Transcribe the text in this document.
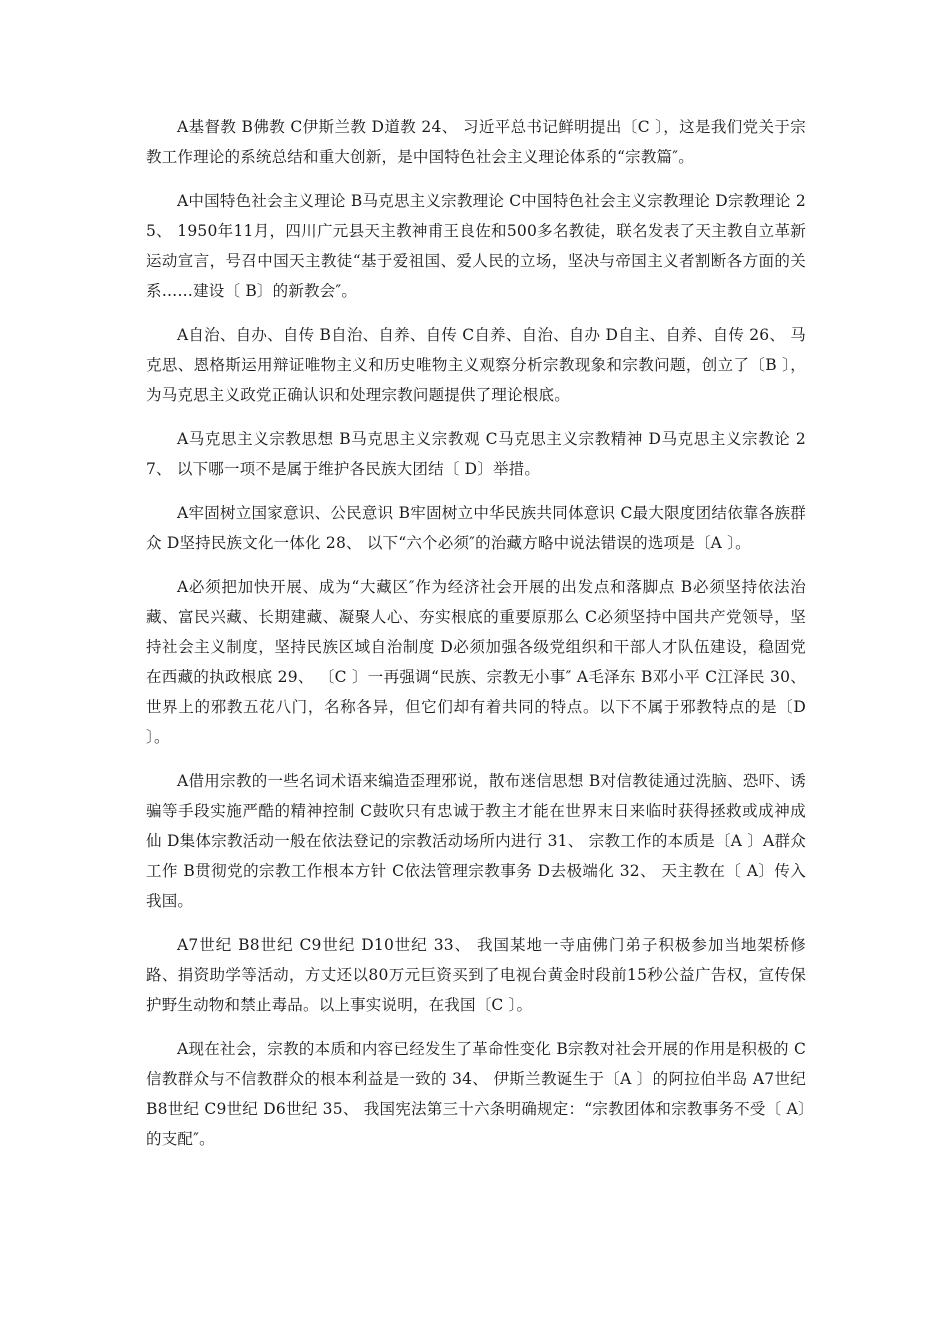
A基督教 B佛教 C伊斯兰教 D道教 24、 习近平总书记鲜明提出〔C 〕，这是我们党关于宗教工作理论的系统总结和重大创新，是中国特色社会主义理论体系的“宗教篇″。

A中国特色社会主义理论 B马克思主义宗教理论 C中国特色社会主义宗教理论 D宗教理论 25、 1950年11月，四川广元县天主教神甫王良佐和500多名教徒，联名发表了天主教自立革新运动宣言，号召中国天主教徒“基于爱祖国、爱人民的立场，坚决与帝国主义者割断各方面的关系……建设〔 B〕的新教会″。

A自治、自办、自传 B自治、自养、自传 C自养、自治、自办 D自主、自养、自传 26、 马克思、恩格斯运用辩证唯物主义和历史唯物主义观察分析宗教现象和宗教问题，创立了〔B 〕，为马克思主义政党正确认识和处理宗教问题提供了理论根底。

A马克思主义宗教思想 B马克思主义宗教观 C马克思主义宗教精神 D马克思主义宗教论 27、 以下哪一项不是属于维护各民族大团结〔 D〕举措。

A牢固树立国家意识、公民意识 B牢固树立中华民族共同体意识 C最大限度团结依靠各族群众 D坚持民族文化一体化 28、 以下“六个必须″的治藏方略中说法错误的选项是〔A 〕。

A必须把加快开展、成为“大藏区″作为经济社会开展的出发点和落脚点 B必须坚持依法治藏、富民兴藏、长期建藏、凝聚人心、夯实根底的重要原那么 C必须坚持中国共产党领导，坚持社会主义制度，坚持民族区域自治制度 D必须加强各级党组织和干部人才队伍建设，稳固党在西藏的执政根底 29、 〔C 〕一再强调“民族、宗教无小事″ A毛泽东 B邓小平 C江泽民 30、 世界上的邪教五花八门，名称各异，但它们却有着共同的特点。以下不属于邪教特点的是〔D 〕。

A借用宗教的一些名词术语来编造歪理邪说，散布迷信思想 B对信教徒通过洗脑、恐吓、诱骗等手段实施严酷的精神控制 C鼓吹只有忠诚于教主才能在世界末日来临时获得拯救或成神成仙 D集体宗教活动一般在依法登记的宗教活动场所内进行 31、 宗教工作的本质是〔A 〕A群众工作 B贯彻党的宗教工作根本方针 C依法管理宗教事务 D去极端化 32、 天主教在〔 A〕传入我国。

A7世纪 B8世纪 C9世纪 D10世纪 33、 我国某地一寺庙佛门弟子积极参加当地架桥修路、捐资助学等活动，方丈还以80万元巨资买到了电视台黄金时段前15秒公益广告权，宣传保护野生动物和禁止毒品。以上事实说明，在我国〔C 〕。

A现在社会，宗教的本质和内容已经发生了革命性变化 B宗教对社会开展的作用是积极的 C信教群众与不信教群众的根本利益是一致的 34、 伊斯兰教诞生于〔A 〕的阿拉伯半岛 A7世纪 B8世纪 C9世纪 D6世纪 35、 我国宪法第三十六条明确规定：“宗教团体和宗教事务不受〔 A〕的支配″。
